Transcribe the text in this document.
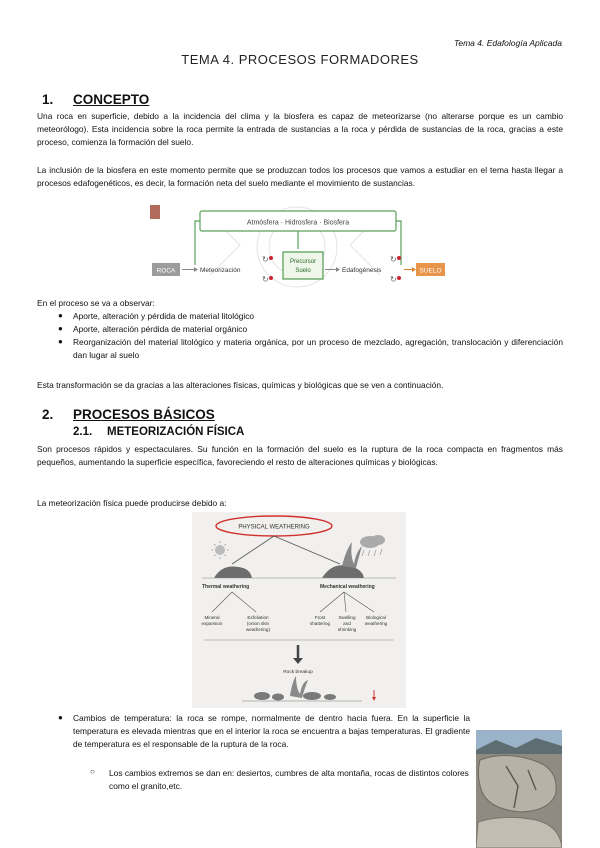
Tema 4. Edafología Aplicada
TEMA 4. PROCESOS FORMADORES
1. CONCEPTO
Una roca en superficie, debido a la incidencia del clima y la biosfera es capaz de meteorizarse (no alterarse porque es un cambio meteorólogo). Esta incidencia sobre la roca permite la entrada de sustancias a la roca y pérdida de sustancias de la roca, gracias a este proceso, comienza la formación del suelo.
La inclusión de la biosfera en este momento permite que se produzcan todos los procesos que vamos a estudiar en el tema hasta llegar a procesos edafogenéticos, es decir, la formación neta del suelo mediante el movimiento de sustancias.
Atmósfera · Hidrosfera · Biosfera
ROCA	Meteorización
↻
↻
Precursor
Suelo	Edafogénesis
↻
↻
SUELO
En el proceso se va a observar:
● Aporte, alteración y pérdida de material litológico
● Aporte, alteración pérdida de material orgánico
● Reorganización del material litológico y materia orgánica, por un proceso de mezclado, agregación, translocación y diferenciación dan lugar al suelo
Esta transformación se da gracias a las alteraciones físicas, químicas y biológicas que se ven a continuación.
2. PROCESOS BÁSICOS
2.1. METEORIZACIÓN FÍSICA
Son procesos rápidos y espectaculares. Su función en la formación del suelo es la ruptura de la roca compacta en fragmentos más pequeños, aumentando la superficie específica, favoreciendo el resto de alteraciones químicas y biológicas.
La meteorización física puede producirse debido a:
PHYSICAL WEATHERING
Thermal weathering	Mechanical weathering
Mineral
expansion
Exfoliation
(onion skin
weathering)
Frost
shattering
Swelling
and
shrinking
Biological
weathering
Rock breakup
● Cambios de temperatura: la roca se rompe, normalmente de dentro hacia fuera. En la superficie la temperatura es elevada mientras que en el interior la roca se encuentra a bajas temperaturas. El gradiente de temperatura es el responsable de la ruptura de la roca.
○ Los cambios extremos se dan en: desiertos, cumbres de alta montaña, rocas de distintos colores como el granito,etc.
